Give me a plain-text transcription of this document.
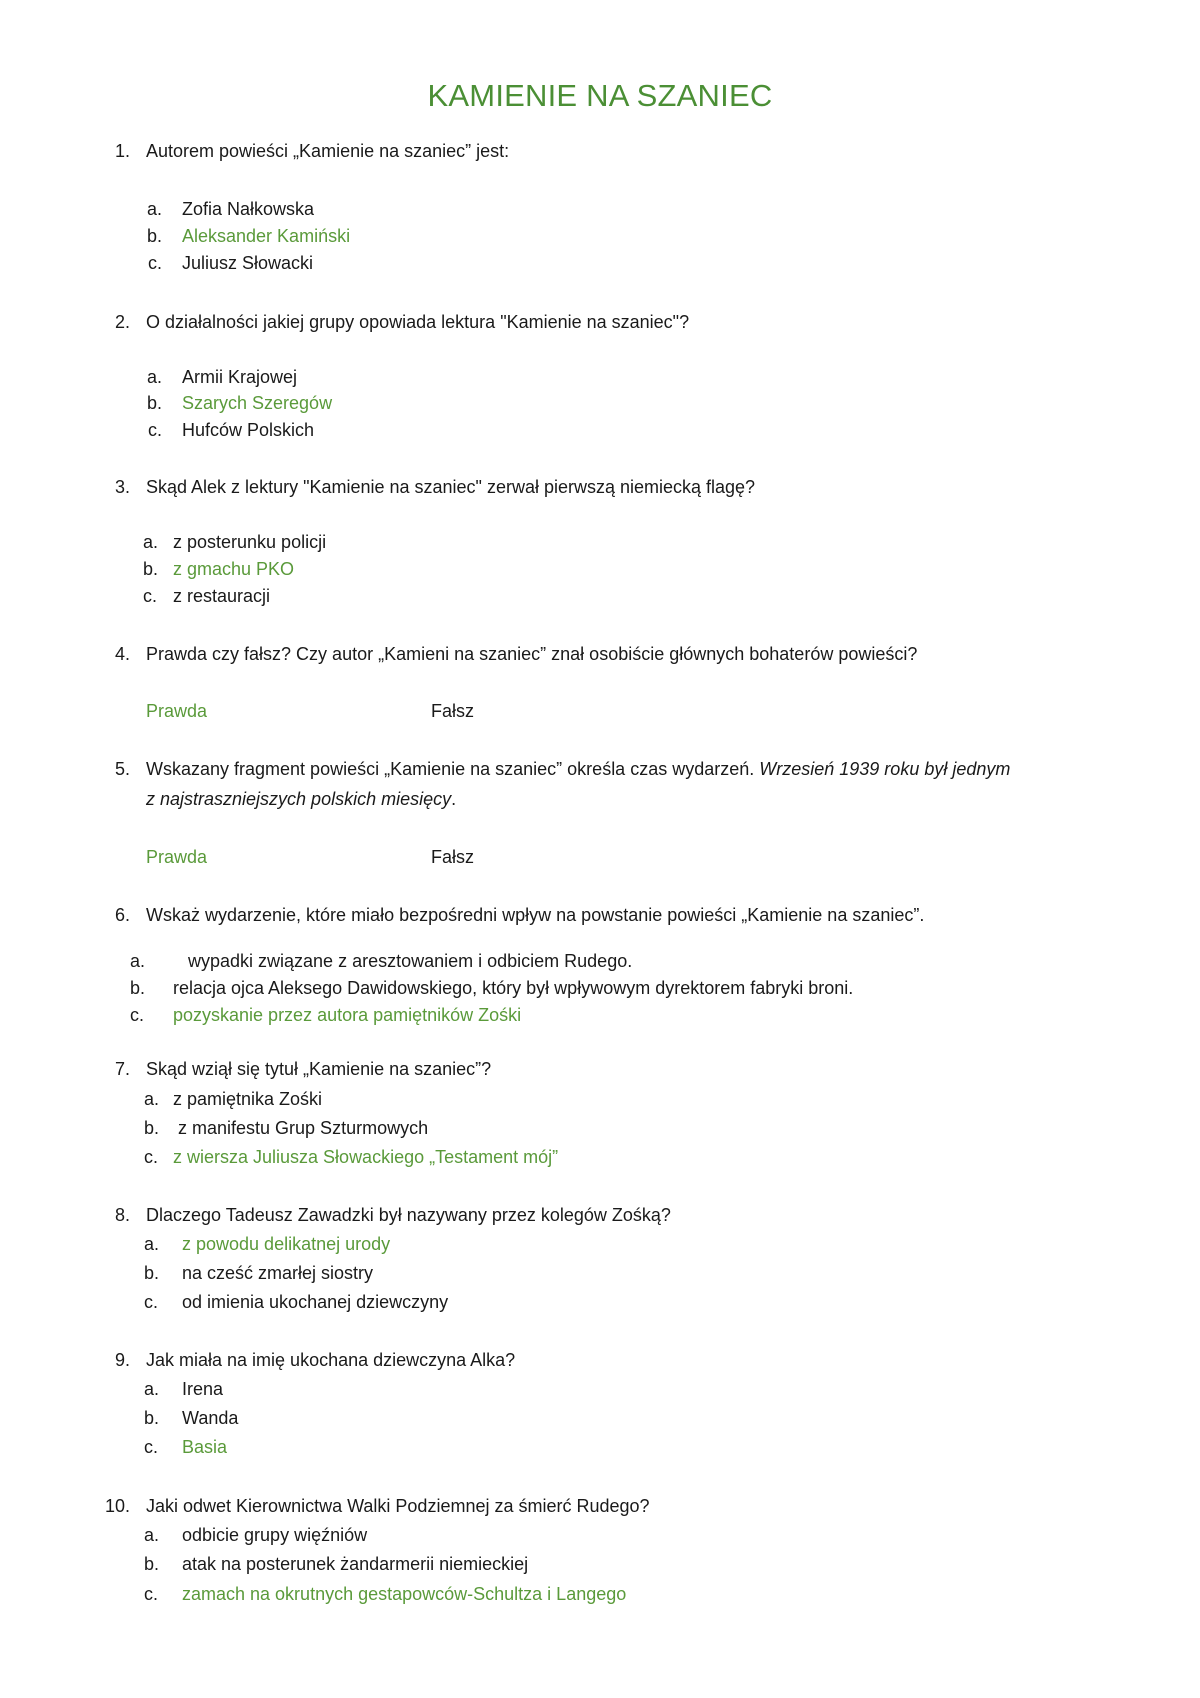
KAMIENIE NA SZANIEC
1. Autorem powieści „Kamienie na szaniec” jest:
a. Zofia Nałkowska
b. Aleksander Kamiński
c. Juliusz Słowacki
2. O działalności jakiej grupy opowiada lektura "Kamienie na szaniec"?
a. Armii Krajowej
b. Szarych Szeregów
c. Hufców Polskich
3. Skąd Alek z lektury "Kamienie na szaniec" zerwał pierwszą niemiecką flagę?
a. z posterunku policji
b. z gmachu PKO
c. z restauracji
4. Prawda czy fałsz? Czy autor „Kamieni na szaniec” znał osobiście głównych bohaterów powieści?
Prawda	Fałsz
5. Wskazany fragment powieści „Kamienie na szaniec” określa czas wydarzeń. Wrzesień 1939 roku był jednym
z najstraszniejszych polskich miesięcy.
Prawda	Fałsz
6. Wskaż wydarzenie, które miało bezpośredni wpływ na powstanie powieści „Kamienie na szaniec”.
a. wypadki związane z aresztowaniem i odbiciem Rudego.
b. relacja ojca Aleksego Dawidowskiego, który był wpływowym dyrektorem fabryki broni.
c. pozyskanie przez autora pamiętników Zośki
7. Skąd wziął się tytuł „Kamienie na szaniec”?
a. z pamiętnika Zośki
b. z manifestu Grup Szturmowych
c. z wiersza Juliusza Słowackiego „Testament mój”
8. Dlaczego Tadeusz Zawadzki był nazywany przez kolegów Zośką?
a. z powodu delikatnej urody
b. na cześć zmarłej siostry
c. od imienia ukochanej dziewczyny
9. Jak miała na imię ukochana dziewczyna Alka?
a. Irena
b. Wanda
c. Basia
10. Jaki odwet Kierownictwa Walki Podziemnej za śmierć Rudego?
a. odbicie grupy więźniów
b. atak na posterunek żandarmerii niemieckiej
c. zamach na okrutnych gestapowców-Schultza i Langego
